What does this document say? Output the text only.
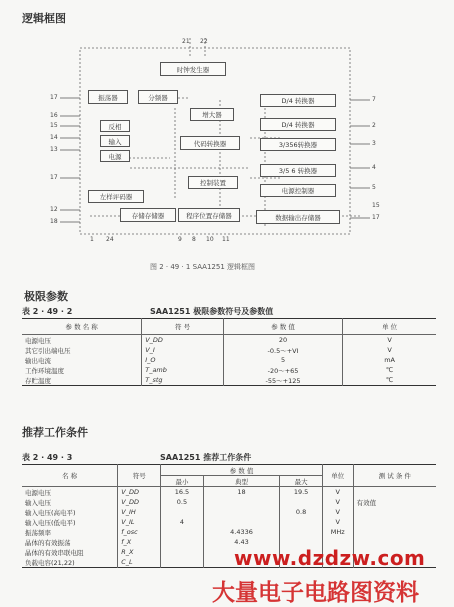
逻辑框图
时钟发生器
振荡器	分频器
增大器
反相
输入
电源
代码转换器
左样评码器
控制装置
存储存储器	程序位置存储器
D/4 转换器
D/4 转换器
3/356转换器
3/5 6 转换器
电源控制器
数据输出存储器
21 22
17
16
15
14
13
17
12
18
7
2
3
4
5
15
17
1 24	9 8 10 11
图 2 · 49 · 1 SAA1251 逻辑框图
极限参数
表 2 · 49 · 2	SAA1251 极限参数符号及参数值
参 数 名 称	符 号	参 数 值	单 位
电源电压	V_DD	20	V
其它引出端电压	V_I	-0.5～+VI	V
输出电流	I_O	5	mA
工作环境温度	T_amb	-20～+65	℃
存贮温度	T_stg	-55～+125	℃
推荐工作条件
表 2 · 49 · 3	SAA1251 推荐工作条件
名 称	符号	参 数 值			单位	测 试 条 件
		最小	典型	最大		
电源电压	V_DD	16.5	18	19.5	V	
输入电压	V_DD	0.5			V	有效值
输入电压(高电平)	V_IH			0.8	V	
输入电压(低电平)	V_IL	4			V	
振荡频率	f_osc		4.4336		MHz	
晶体的有效振荡	f_X		4.43			
晶体的有效串联电阻	R_X					
负载电容(21,22)	C_L						www.dzdzw.com
大量电子电路图资料
